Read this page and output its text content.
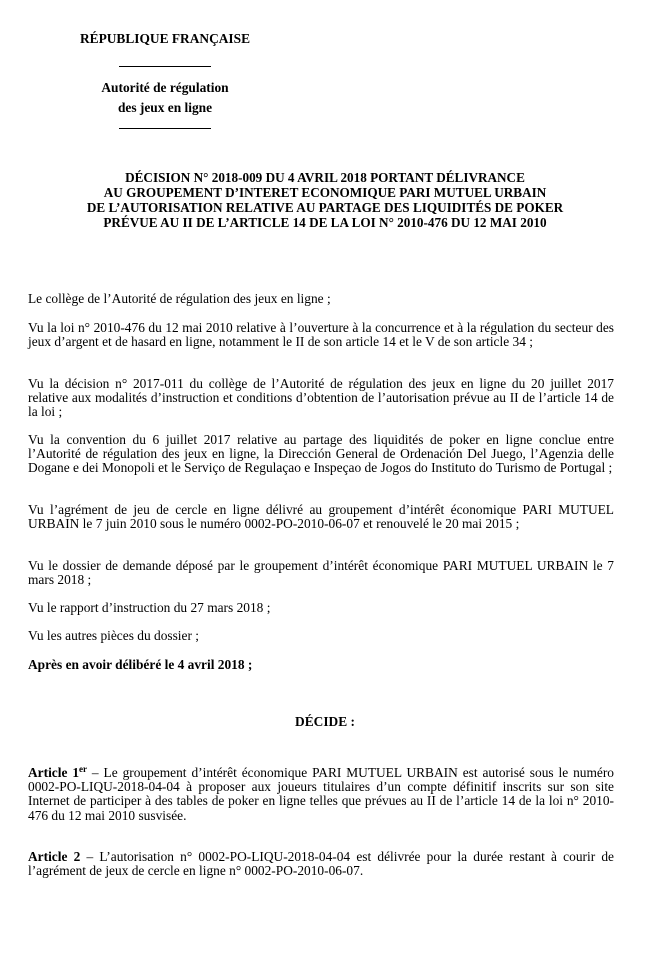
RÉPUBLIQUE FRANÇAISE
Autorité de régulation
des jeux en ligne
DÉCISION N° 2018-009 DU 4 AVRIL 2018 PORTANT DÉLIVRANCE
AU GROUPEMENT D’INTERET ECONOMIQUE PARI MUTUEL URBAIN
DE L’AUTORISATION RELATIVE AU PARTAGE DES LIQUIDITÉS DE POKER
PRÉVUE AU II DE L’ARTICLE 14 DE LA LOI N° 2010-476 DU 12 MAI 2010
Le collège de l’Autorité de régulation des jeux en ligne ;
Vu la loi n° 2010-476 du 12 mai 2010 relative à l’ouverture à la concurrence et à la régulation du secteur des jeux d’argent et de hasard en ligne, notamment le II de son article 14 et le V de son article 34 ;
Vu la décision n° 2017-011 du collège de l’Autorité de régulation des jeux en ligne du 20 juillet 2017 relative aux modalités d’instruction et conditions d’obtention de l’autorisation prévue au II de l’article 14 de la loi ;
Vu la convention du 6 juillet 2017 relative au partage des liquidités de poker en ligne conclue entre l’Autorité de régulation des jeux en ligne, la Dirección General de Ordenación Del Juego, l’Agenzia delle Dogane e dei Monopoli et le Serviço de Regulaçao e Inspeçao de Jogos do Instituto do Turismo de Portugal ;
Vu l’agrément de jeu de cercle en ligne délivré au groupement d’intérêt économique PARI MUTUEL URBAIN le 7 juin 2010 sous le numéro 0002-PO-2010-06-07 et renouvelé le 20 mai 2015 ;
Vu le dossier de demande déposé par le groupement d’intérêt économique PARI MUTUEL URBAIN le 7 mars 2018 ;
Vu le rapport d’instruction du 27 mars 2018 ;
Vu les autres pièces du dossier ;
Après en avoir délibéré le 4 avril 2018 ;
DÉCIDE :
Article 1er – Le groupement d’intérêt économique PARI MUTUEL URBAIN est autorisé sous le numéro 0002-PO-LIQU-2018-04-04 à proposer aux joueurs titulaires d’un compte définitif inscrits sur son site Internet de participer à des tables de poker en ligne telles que prévues au II de l’article 14 de la loi n° 2010-476 du 12 mai 2010 susvisée.
Article 2 – L’autorisation n° 0002-PO-LIQU-2018-04-04 est délivrée pour la durée restant à courir de l’agrément de jeux de cercle en ligne n° 0002-PO-2010-06-07.
